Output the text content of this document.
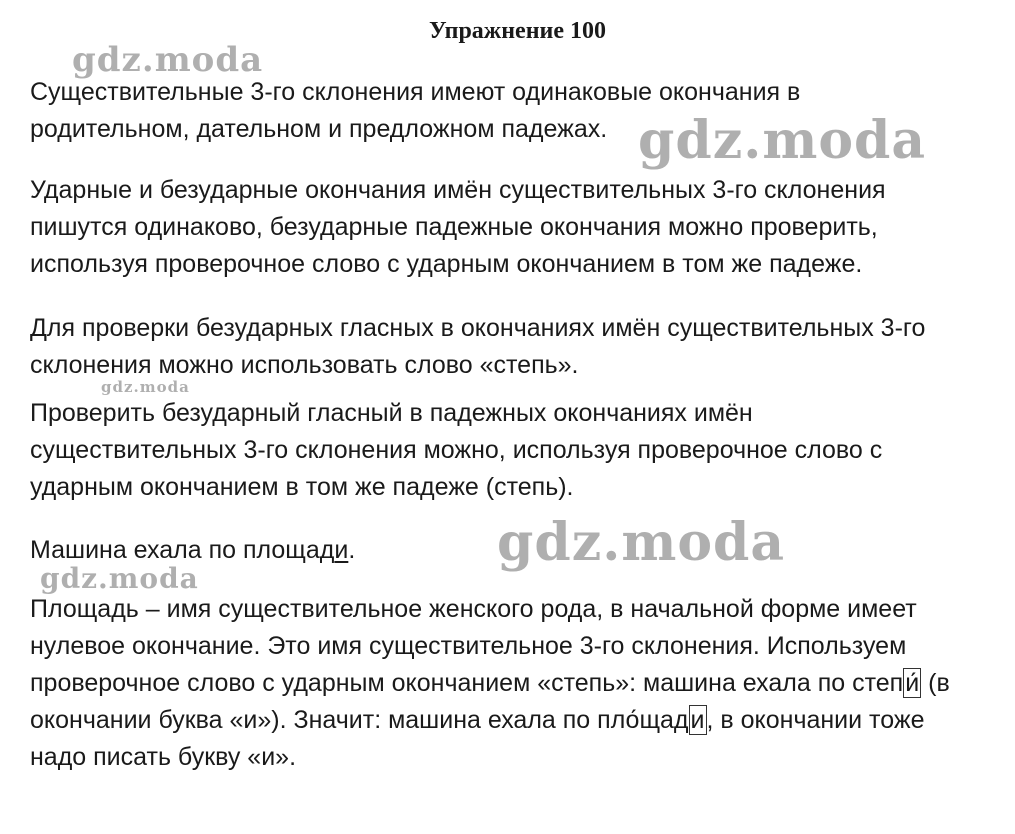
Упражнение 100

Существительные 3-го склонения имеют одинаковые окончания в
родительном, дательном и предложном падежах.

Ударные и безударные окончания имён существительных 3-го склонения
пишутся одинаково, безударные падежные окончания можно проверить,
используя проверочное слово с ударным окончанием в том же падеже.

Для проверки безударных гласных в окончаниях имён существительных 3-го
склонения можно использовать слово «степь».

Проверить безударный гласный в падежных окончаниях имён
существительных 3-го склонения можно, используя проверочное слово с
ударным окончанием в том же падеже (степь).

Машина ехала по площади.

Площадь – имя существительное женского рода, в начальной форме имеет
нулевое окончание. Это имя существительное 3-го склонения. Используем
проверочное слово с ударным окончанием «степь»: машина ехала по степи́ (в
окончании буква «и»). Значит: машина ехала по пло́щади, в окончании тоже
надо писать букву «и».

gdz.moda
gdz.moda
gdz.moda
gdz.moda
gdz.moda
